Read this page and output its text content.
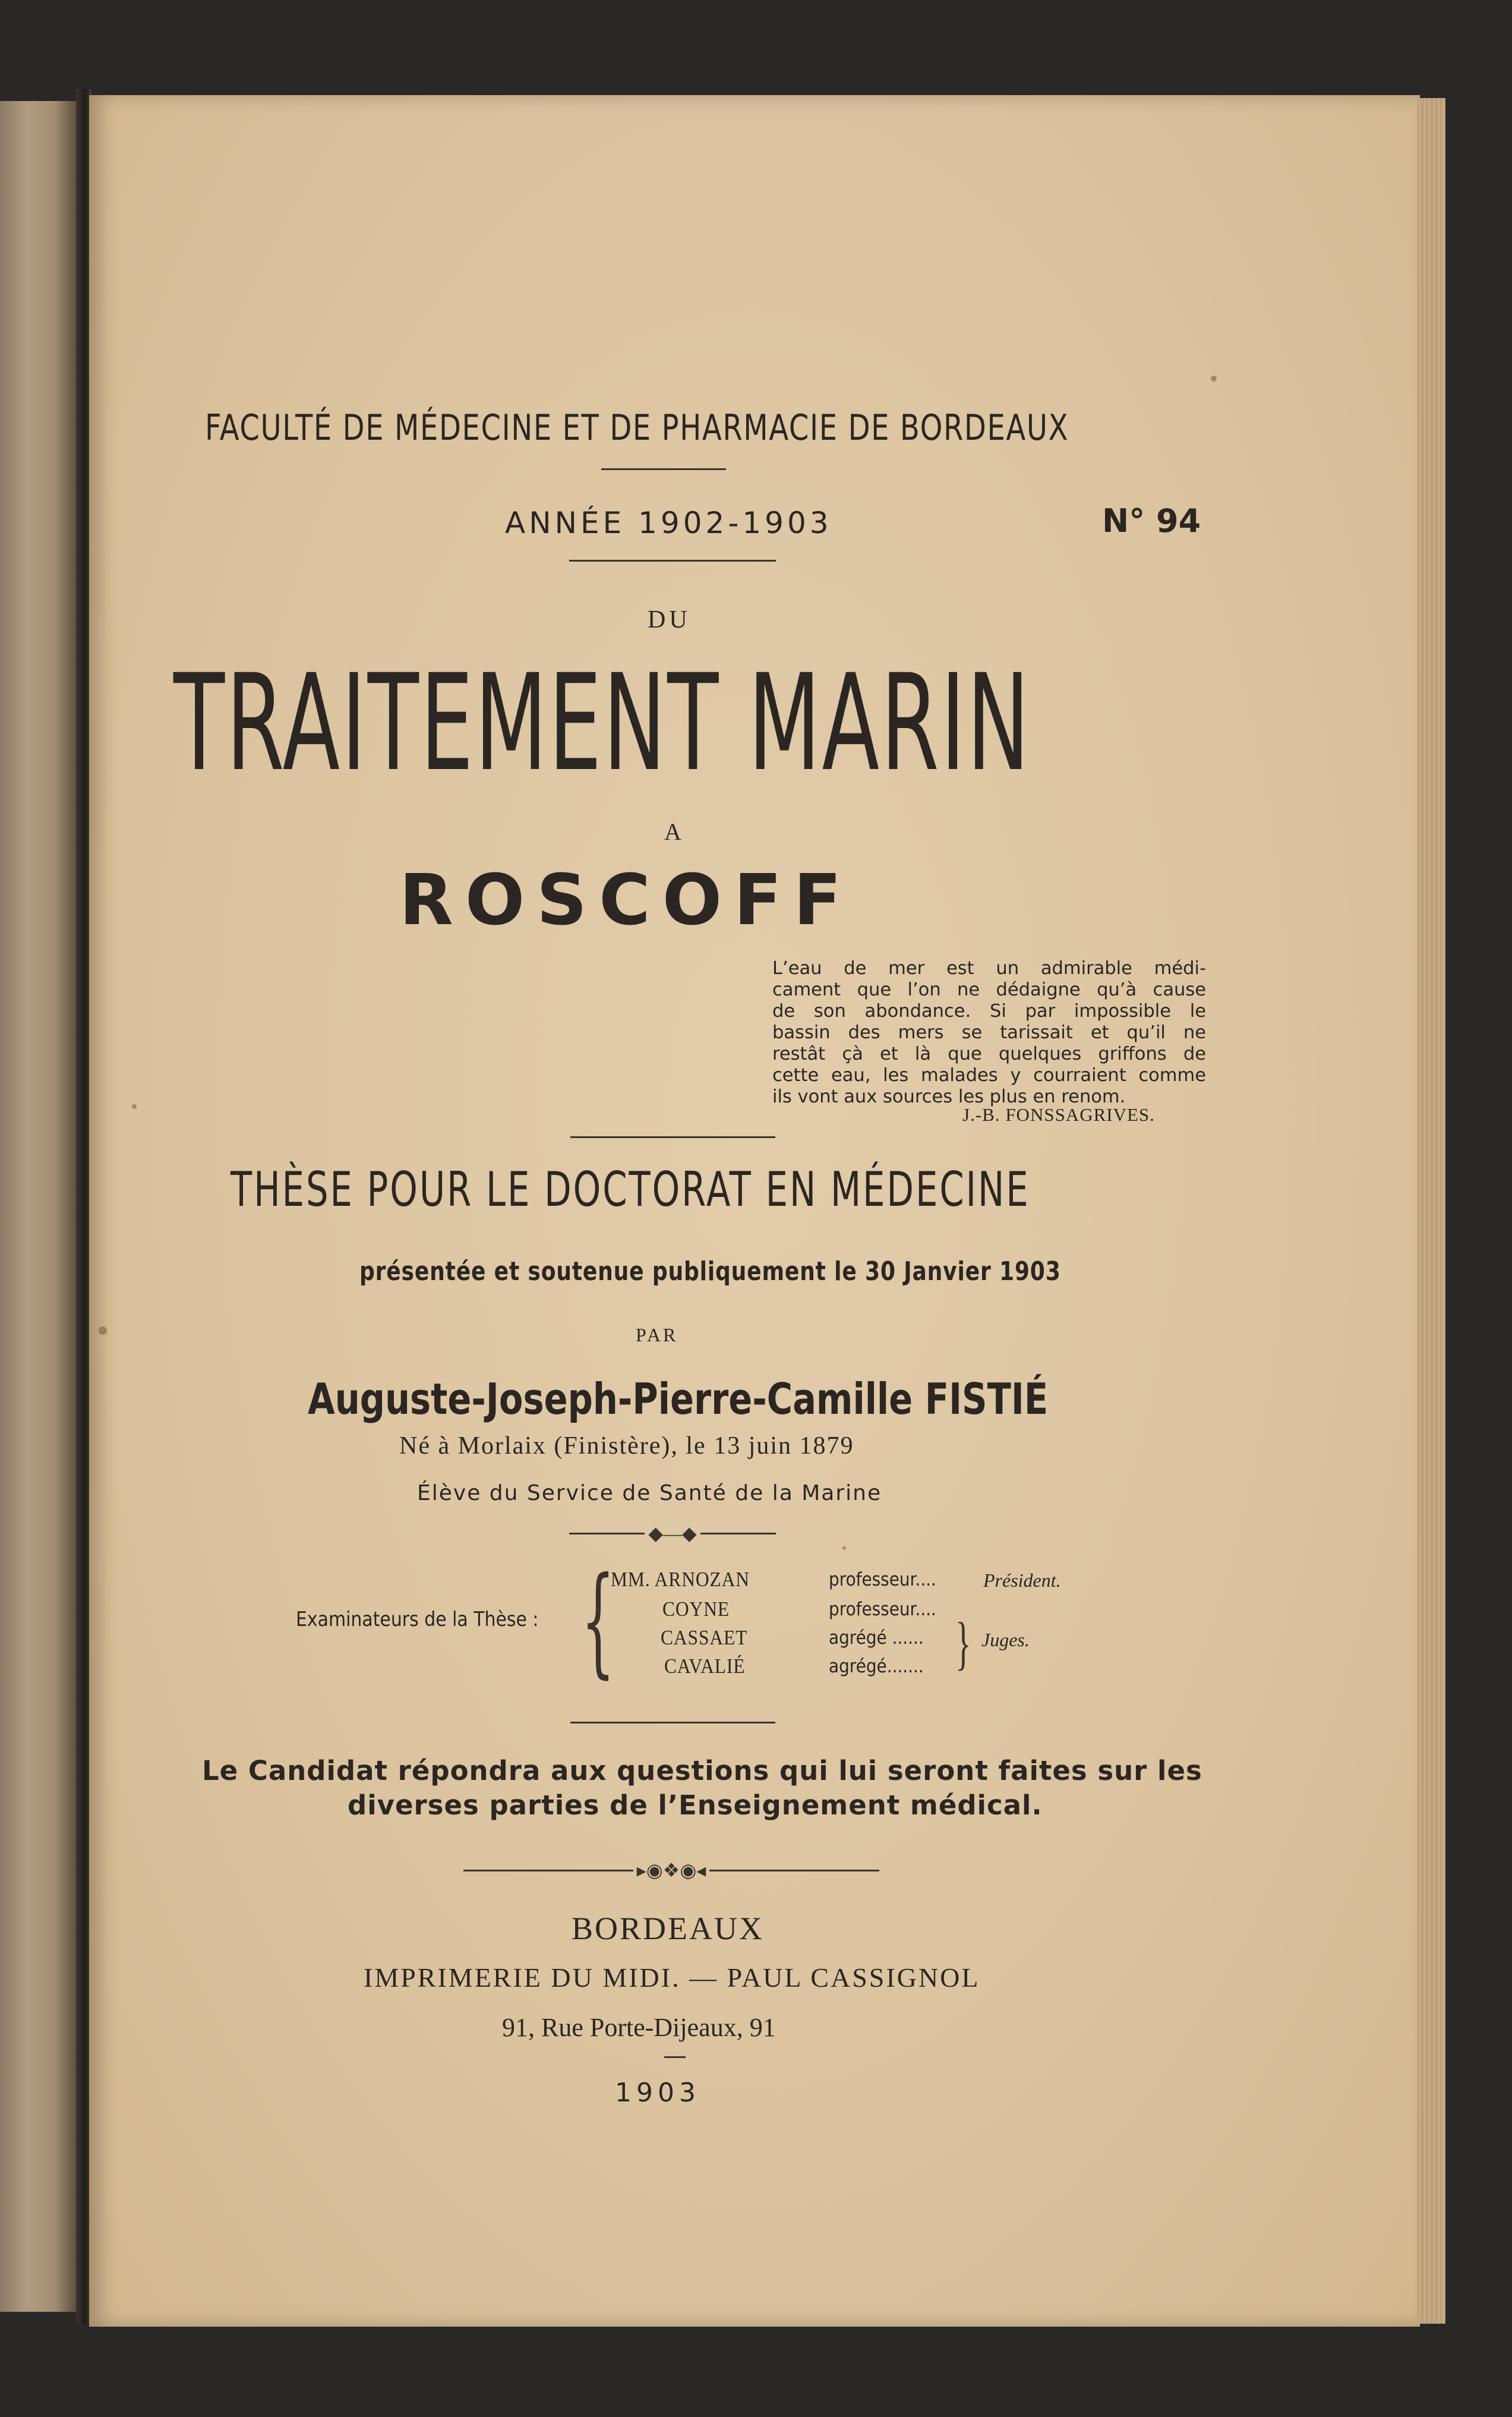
FACULTÉ DE MÉDECINE ET DE PHARMACIE DE BORDEAUX
ANNÉE 1902-1903	N° 94
DU
TRAITEMENT MARIN
A
ROSCOFF
L’eau de mer est un admirable médi-
cament que l’on ne dédaigne qu’à cause
de son abondance. Si par impossible le
bassin des mers se tarissait et qu’il ne
restât çà et là que quelques griffons de
cette eau, les malades y courraient comme
ils vont aux sources les plus en renom.
J.-B. FONSSAGRIVES.
THÈSE POUR LE DOCTORAT EN MÉDECINE
présentée et soutenue publiquement le 30 Janvier 1903
PAR
Auguste-Joseph-Pierre-Camille FISTIÉ
Né à Morlaix (Finistère), le 13 juin 1879
Élève du Service de Santé de la Marine
◆—◆
Examinateurs de la Thèse : {
MM. ARNOZAN
COYNE
CASSAET
CAVALIÉ
professeur....
professeur....
agrégé ......
agrégé....... }
Président.
Juges.
Le Candidat répondra aux questions qui lui seront faites sur les
diverses parties de l’Enseignement médical.
▸◉❖◉◂
BORDEAUX
IMPRIMERIE DU MIDI. — PAUL CASSIGNOL
91, Rue Porte-Dijeaux, 91
1903
